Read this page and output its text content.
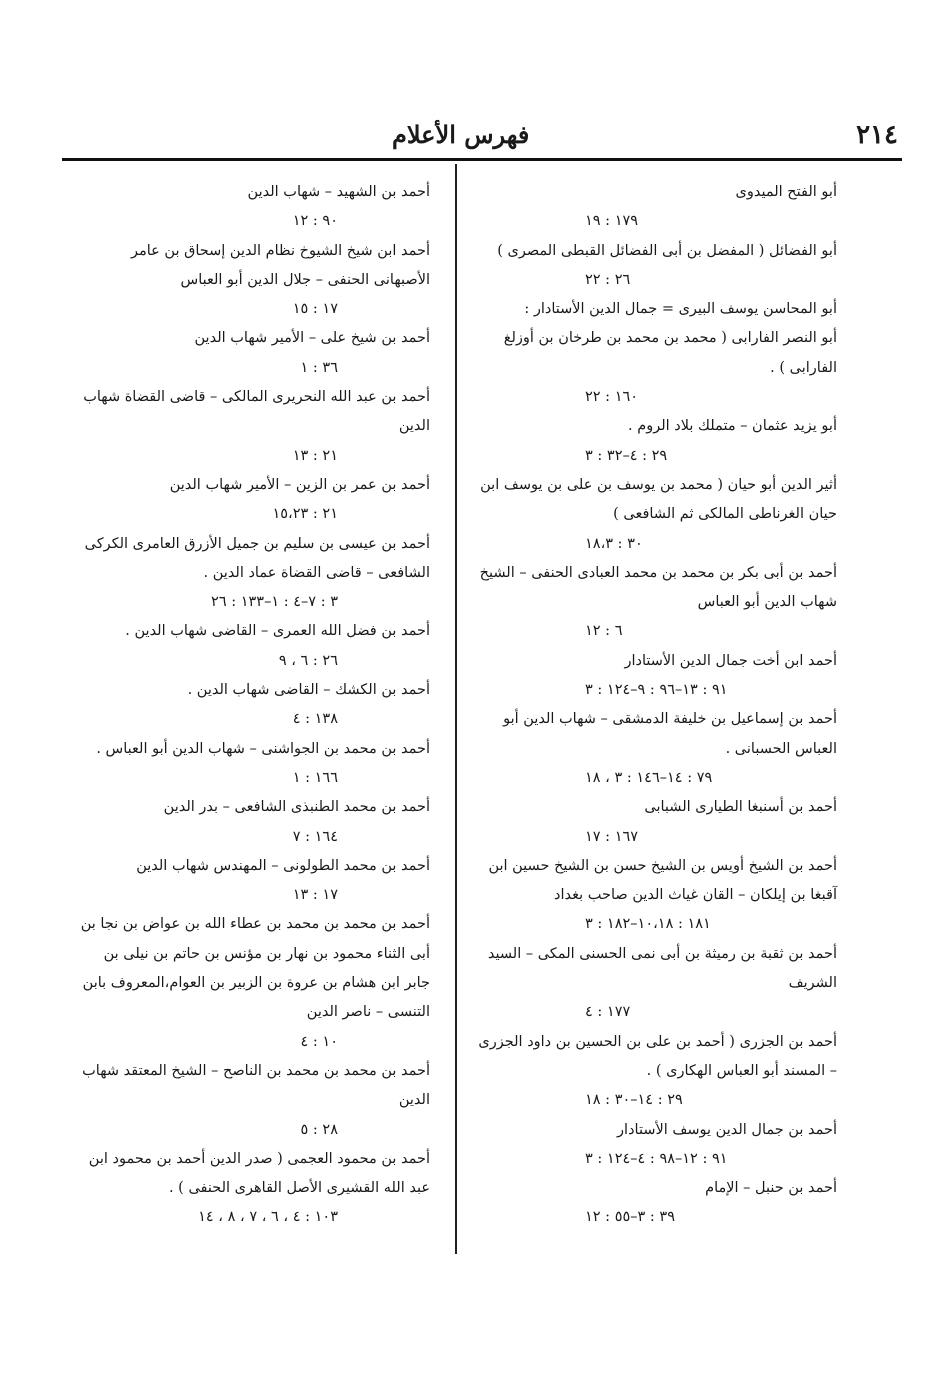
٢١٤
فهرس الأعلام

أبو الفتح الميدوى

١٧٩ : ١٩

أبو الفضائل ( المفضل بن أبى الفضائل القبطى المصرى )

٢٦ : ٢٢

أبو المحاسن يوسف البيرى = جمال الدين الأستادار :

أبو النصر الفارابى ( محمد بن محمد بن طرخان بن أوزلغ الفارابى ) .

١٦٠ : ٢٢

أبو يزيد عثمان – متملك بلاد الروم .

٢٩ : ٤–٣٢ : ٣

أثير الدين أبو حيان ( محمد بن يوسف بن على بن يوسف ابن حيان الغرناطى المالكى ثم الشافعى )

٣٠ : ١٨،٣

أحمد بن أبى بكر بن محمد بن محمد العبادى الحنفى – الشيخ شهاب الدين أبو العباس

٦ : ١٢

أحمد ابن أخت جمال الدين الأستادار

٩١ : ١٣–٩٦ : ٩–١٢٤ : ٣

أحمد بن إسماعيل بن خليفة الدمشقى – شهاب الدين أبو العباس الحسبانى .

٧٩ : ١٤–١٤٦ : ٣ ، ١٨

أحمد بن أسنبغا الطيارى الشبابى

١٦٧ : ١٧

أحمد بن الشيخ أويس بن الشيخ حسن بن الشيخ حسين ابن آقبغا بن إيلكان – القان غياث الدين صاحب بغداد

١٨١ : ١٠،١٨–١٨٢ : ٣

أحمد بن ثقبة بن رميثة بن أبى نمى الحسنى المكى – السيد الشريف

١٧٧ : ٤

أحمد بن الجزرى ( أحمد بن على بن الحسين بن داود الجزرى – المسند أبو العباس الهكارى ) .

٢٩ : ١٤–٣٠ : ١٨

أحمد بن جمال الدين يوسف الأستادار

٩١ : ١٢–٩٨ : ٤–١٢٤ : ٣

أحمد بن حنبل – الإمام

٣٩ : ٣–٥٥ : ١٢

أحمد بن الشهيد – شهاب الدين

٩٠ : ١٢

أحمد ابن شيخ الشيوخ نظام الدين إسحاق بن عامر الأصبهانى الحنفى – جلال الدين أبو العباس

١٧ : ١٥

أحمد بن شيخ على – الأمير شهاب الدين

٣٦ : ١

أحمد بن عبد الله النحريرى المالكى – قاضى القضاة شهاب الدين

٢١ : ١٣

أحمد بن عمر بن الزين – الأمير شهاب الدين

٢١ : ١٥،٢٣

أحمد بن عيسى بن سليم بن جميل الأزرق العامرى الكركى الشافعى – قاضى القضاة عماد الدين .

٣ : ٧–٤ : ١–١٣٣ : ٢٦

أحمد بن فضل الله العمرى – القاضى شهاب الدين .

٢٦ : ٦ ، ٩

أحمد بن الكشك – القاضى شهاب الدين .

١٣٨ : ٤

أحمد بن محمد بن الجواشنى – شهاب الدين أبو العباس .

١٦٦ : ١

أحمد بن محمد الطنبذى الشافعى – بدر الدين

١٦٤ : ٧

أحمد بن محمد الطولونى – المهندس شهاب الدين

١٧ : ١٣

أحمد بن محمد بن محمد بن عطاء الله بن عواض بن نجا بن أبى الثناء محمود بن نهار بن مؤنس بن حاتم بن نيلى بن جابر ابن هشام بن عروة بن الزبير بن العوام،المعروف بابن التنسى – ناصر الدين

١٠ : ٤

أحمد بن محمد بن محمد بن الناصح – الشيخ المعتقد شهاب الدين

٢٨ : ٥

أحمد بن محمود العجمى ( صدر الدين أحمد بن محمود ابن عبد الله القشيرى الأصل القاهرى الحنفى ) .

١٠٣ : ٤ ، ٦ ، ٧ ، ٨ ، ١٤
